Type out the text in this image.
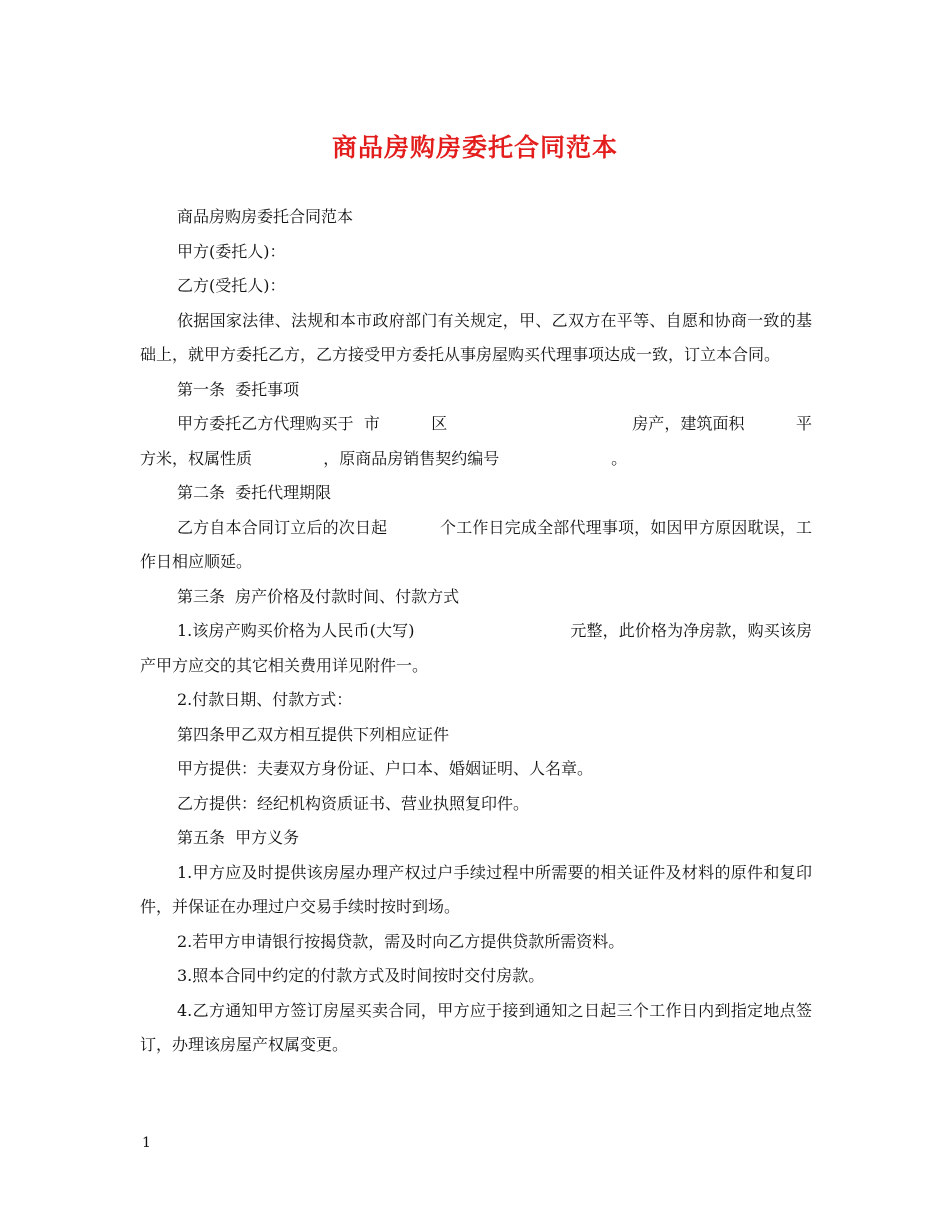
商品房购房委托合同范本

商品房购房委托合同范本

甲方(委托人)：

乙方(受托人)：

依据国家法律、法规和本市政府部门有关规定，甲、乙双方在平等、自愿和协商一致的基础上，就甲方委托乙方，乙方接受甲方委托从事房屋购买代理事项达成一致，订立本合同。

第一条  委托事项

甲方委托乙方代理购买于  市          区                                    房产，建筑面积          平方米，权属性质              ，原商品房销售契约编号                      。

第二条  委托代理期限

乙方自本合同订立后的次日起          个工作日完成全部代理事项，如因甲方原因耽误，工作日相应顺延。

第三条  房产价格及付款时间、付款方式

1.该房产购买价格为人民币(大写)                              元整，此价格为净房款，购买该房产甲方应交的其它相关费用详见附件一。

2.付款日期、付款方式：

第四条甲乙双方相互提供下列相应证件

甲方提供：夫妻双方身份证、户口本、婚姻证明、人名章。

乙方提供：经纪机构资质证书、营业执照复印件。

第五条  甲方义务

1.甲方应及时提供该房屋办理产权过户手续过程中所需要的相关证件及材料的原件和复印件，并保证在办理过户交易手续时按时到场。

2.若甲方申请银行按揭贷款，需及时向乙方提供贷款所需资料。

3.照本合同中约定的付款方式及时间按时交付房款。

4.乙方通知甲方签订房屋买卖合同，甲方应于接到通知之日起三个工作日内到指定地点签订，办理该房屋产权属变更。

1
